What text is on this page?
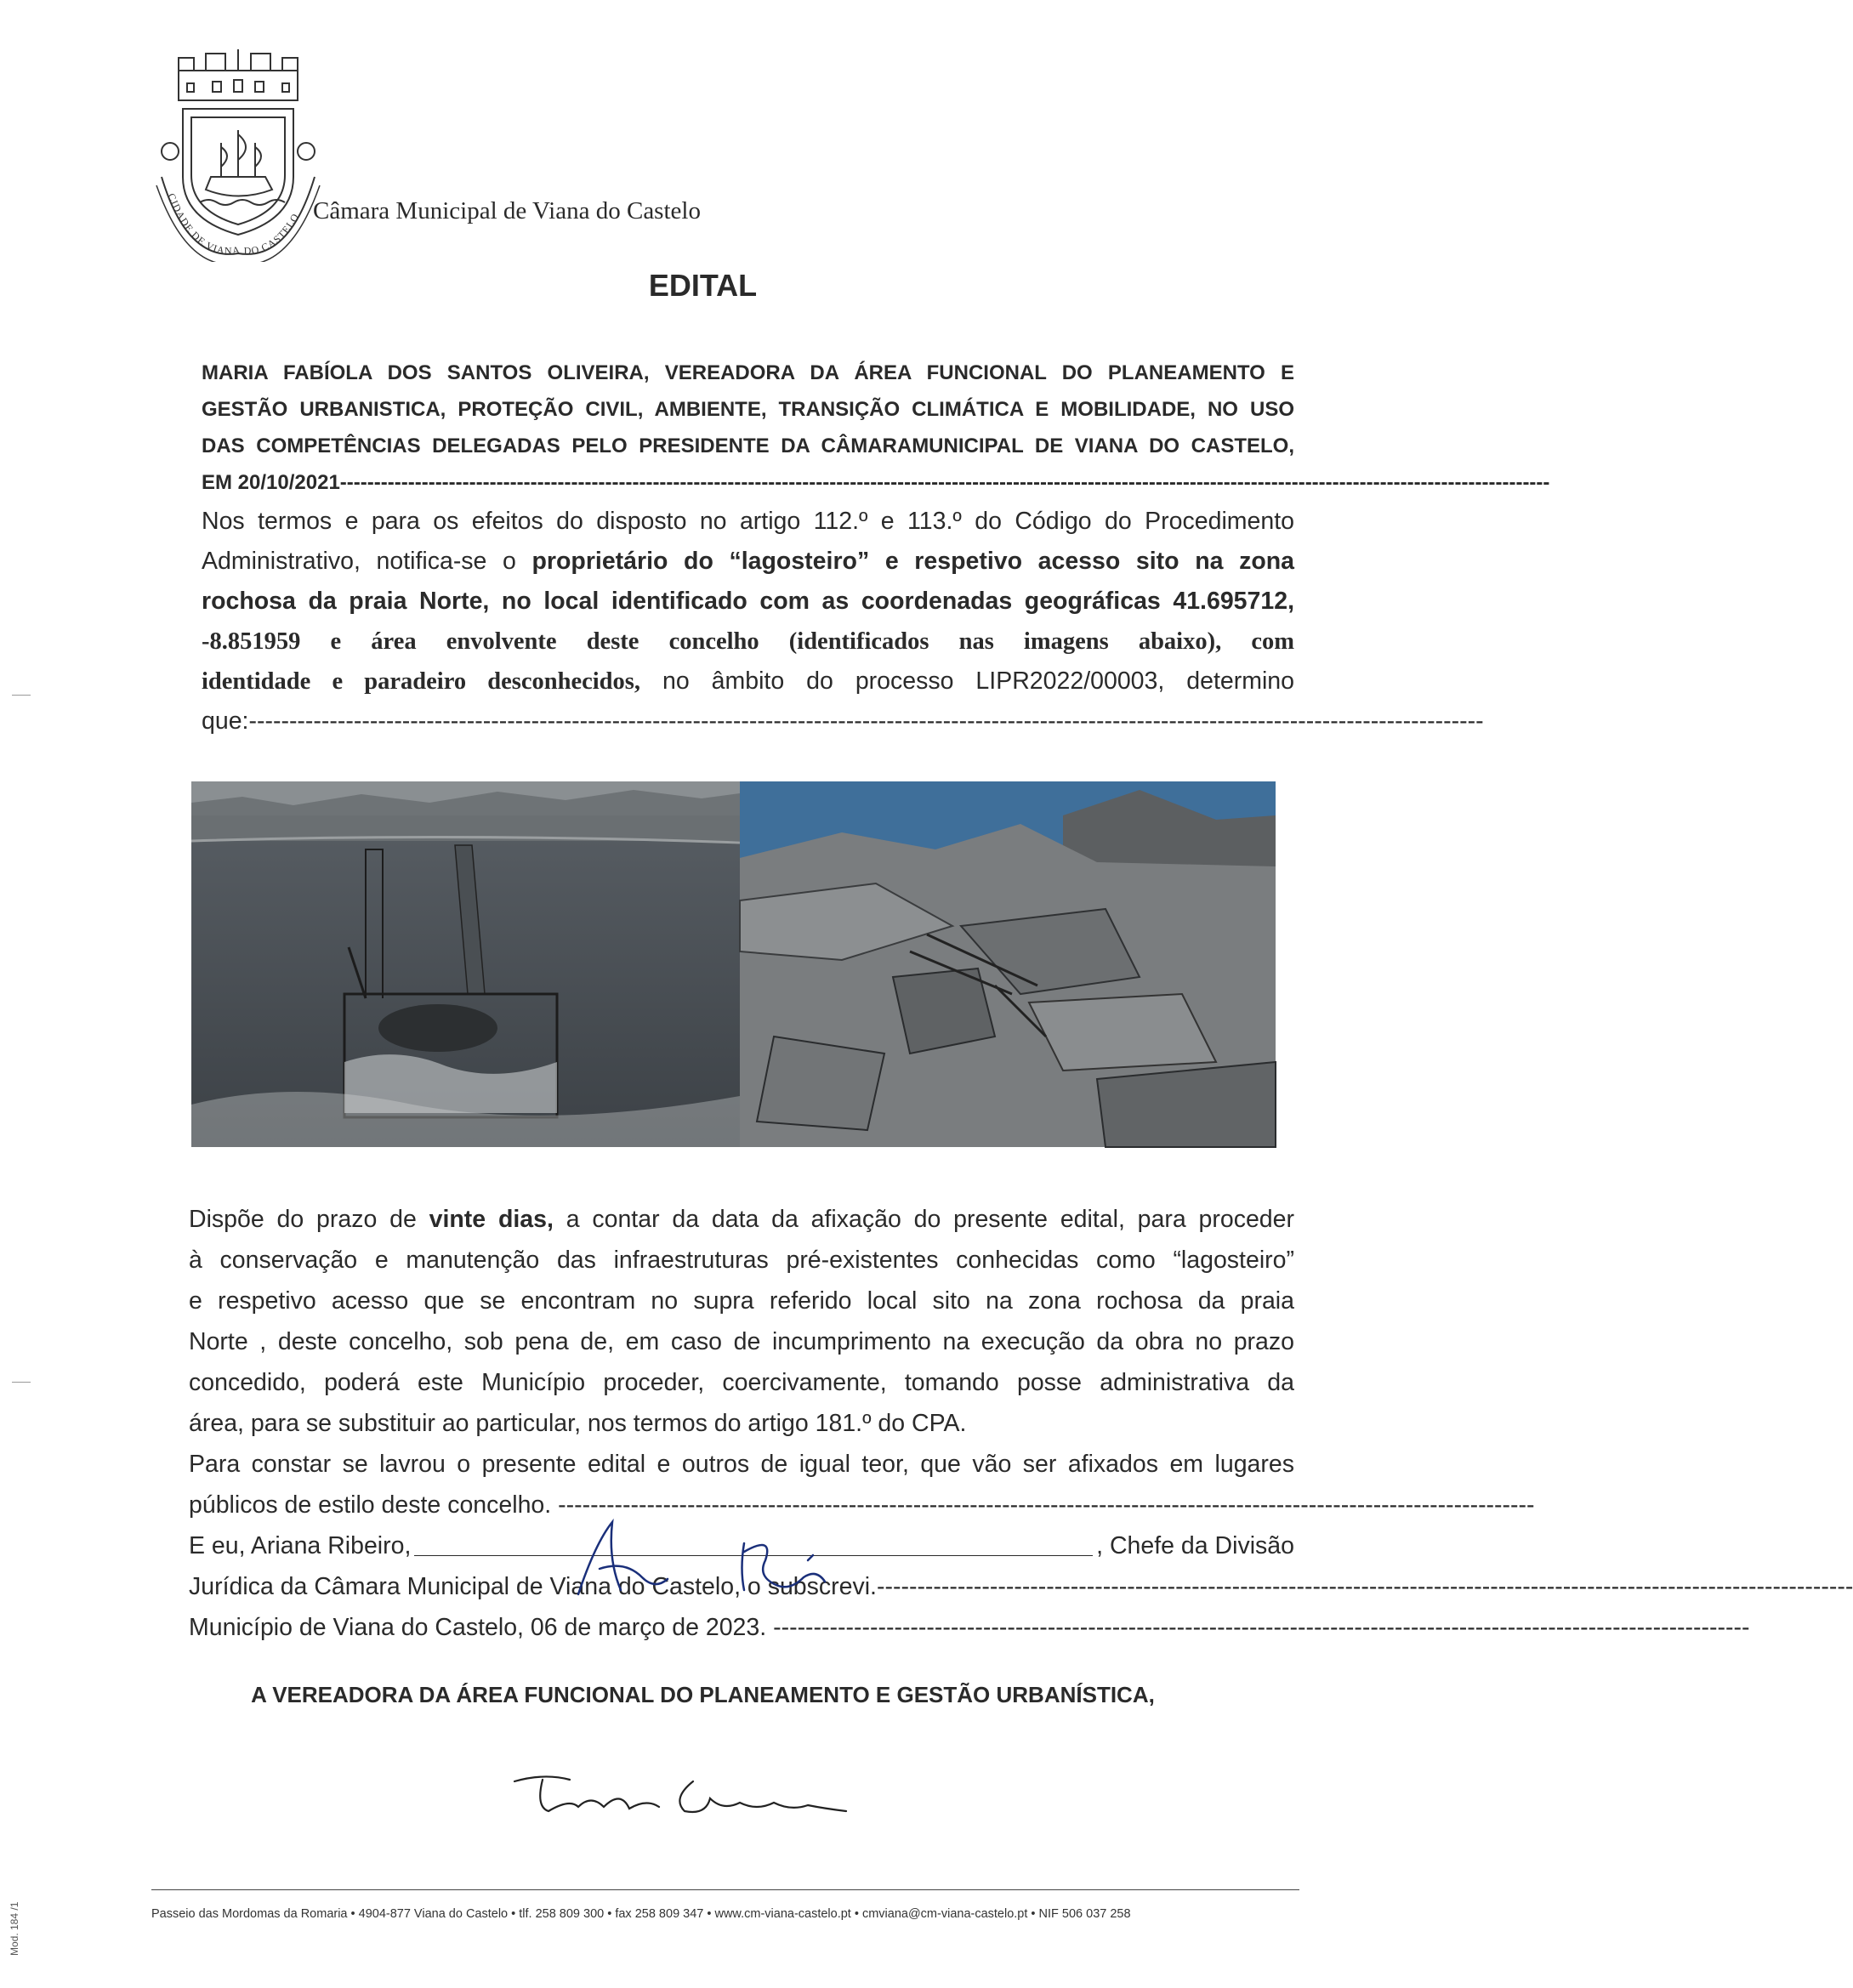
CIDADE DE VIANA DO CASTELO Câmara Municipal de Viana do Castelo
EDITAL
MARIA FABÍOLA DOS SANTOS OLIVEIRA, VEREADORA DA ÁREA FUNCIONAL DO PLANEAMENTO E
GESTÃO URBANISTICA, PROTEÇÃO CIVIL, AMBIENTE, TRANSIÇÃO CLIMÁTICA E MOBILIDADE, NO USO
DAS COMPETÊNCIAS DELEGADAS PELO PRESIDENTE DA CÂMARAMUNICIPAL DE VIANA DO CASTELO,
EM 20/10/2021----------------------------------------------------------------------------------------------------------------------------------------------------------------------------------
Nos termos e para os efeitos do disposto no artigo 112.º e 113.º do Código do Procedimento
Administrativo, notifica-se o proprietário do “lagosteiro” e respetivo acesso sito na zona
rochosa da praia Norte, no local identificado com as coordenadas geográficas 41.695712,
-8.851959 e área envolvente deste concelho (identificados nas imagens abaixo), com
identidade e paradeiro desconhecidos, no âmbito do processo LIPR2022/00003, determino
que:---------------------------------------------------------------------------------------------------------------------------------------------------------
Dispõe do prazo de vinte dias, a contar da data da afixação do presente edital, para proceder
à conservação e manutenção das infraestruturas pré-existentes conhecidas como “lagosteiro”
e respetivo acesso que se encontram no supra referido local sito na zona rochosa da praia
Norte , deste concelho, sob pena de, em caso de incumprimento na execução da obra no prazo
concedido, poderá este Município proceder, coercivamente, tomando posse administrativa da
área, para se substituir ao particular, nos termos do artigo 181.º do CPA.
Para constar se lavrou o presente edital e outros de igual teor, que vão ser afixados em lugares
públicos de estilo deste concelho. -------------------------------------------------------------------------------------------------------------------------
E eu, Ariana Ribeiro,	, Chefe da Divisão
Jurídica da Câmara Municipal de Viana do Castelo, o subscrevi.-------------------------------------------------------------------------------------------------------------------------
Município de Viana do Castelo, 06 de março de 2023. -------------------------------------------------------------------------------------------------------------------------
A VEREADORA DA ÁREA FUNCIONAL DO PLANEAMENTO E GESTÃO URBANÍSTICA,
Passeio das Mordomas da Romaria • 4904-877 Viana do Castelo • tlf. 258 809 300 • fax 258 809 347 • www.cm-viana-castelo.pt • cmviana@cm-viana-castelo.pt • NIF 506 037 258
Mod. 184 /1
